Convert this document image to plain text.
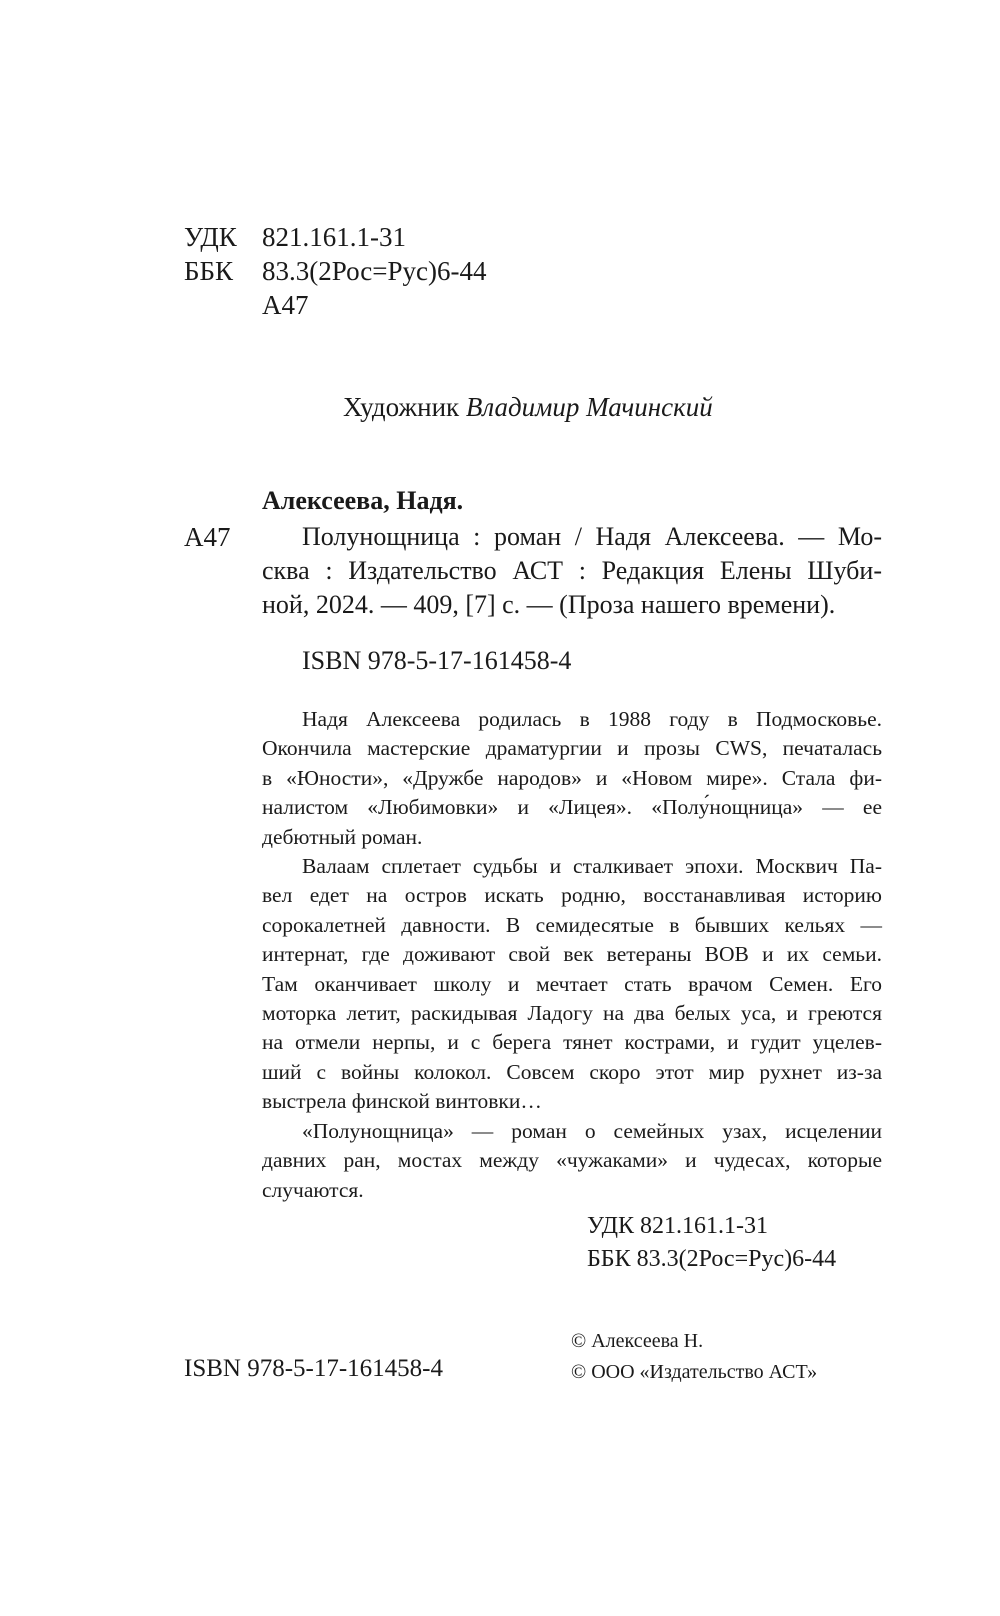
УДК 821.161.1-31
ББК 83.3(2Рос=Рус)6-44
А47
Художник Владимир Мачинский
Алексеева, Надя.
А47	Полунощница : роман / Надя Алексеева. — Мо-
сква : Издательство АСТ : Редакция Елены Шуби-
ной, 2024. — 409, [7] с. — (Проза нашего времени).
ISBN 978-5-17-161458-4
Надя Алексеева родилась в 1988 году в Подмосковье.
Окончила мастерские драматургии и прозы CWS, печаталась
в «Юности», «Дружбе народов» и «Новом мире». Стала фи-
налистом «Любимовки» и «Лицея». «Полу́нощница» — ее
дебютный роман.
Валаам сплетает судьбы и сталкивает эпохи. Москвич Па-
вел едет на остров искать родню, восстанавливая историю
сорокалетней давности. В семидесятые в бывших кельях —
интернат, где доживают свой век ветераны ВОВ и их семьи.
Там оканчивает школу и мечтает стать врачом Семен. Его
моторка летит, раскидывая Ладогу на два белых уса, и греются
на отмели нерпы, и с берега тянет кострами, и гудит уцелев-
ший с войны колокол. Совсем скоро этот мир рухнет из-за
выстрела финской винтовки…
«Полунощница» — роман о семейных узах, исцелении
давних ран, мостах между «чужаками» и чудесах, которые
случаются.
УДК 821.161.1-31
ББК 83.3(2Рос=Рус)6-44
© Алексеева Н.
© ООО «Издательство АСТ»
ISBN 978-5-17-161458-4
